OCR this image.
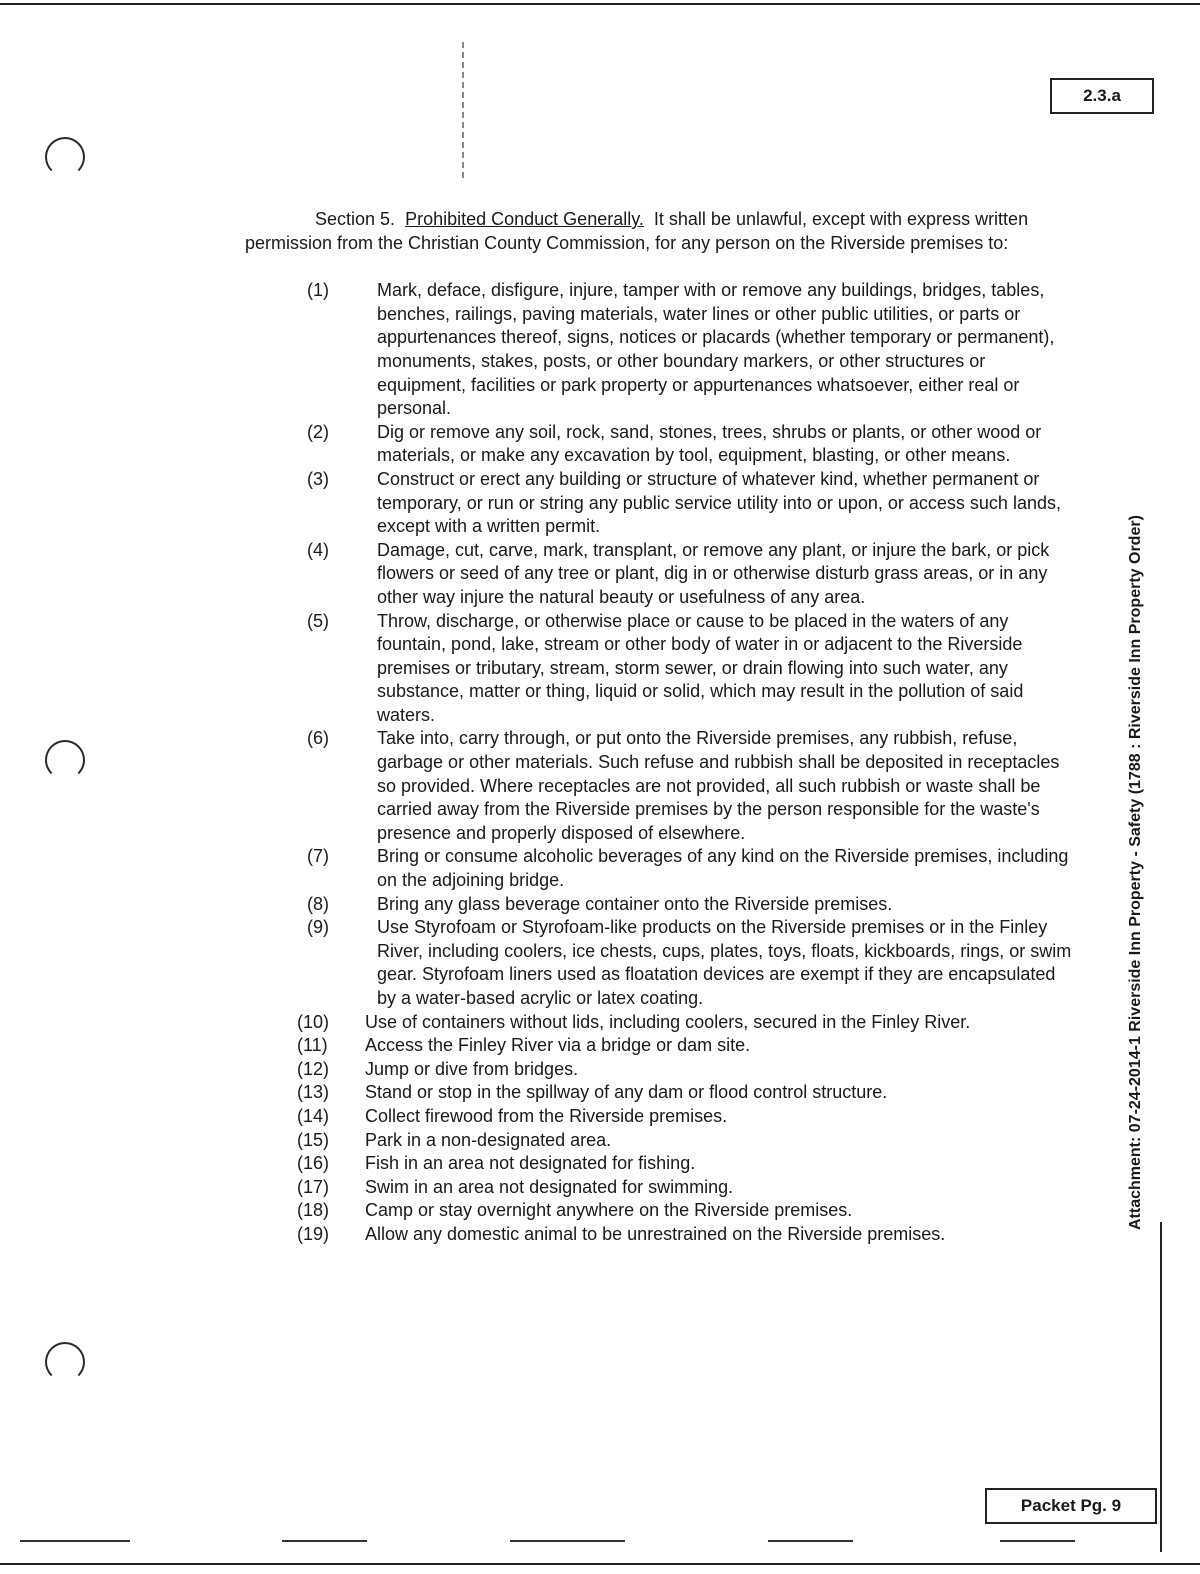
2.3.a

Section 5. Prohibited Conduct Generally. It shall be unlawful, except with express written permission from the Christian County Commission, for any person on the Riverside premises to:

(1)	Mark, deface, disfigure, injure, tamper with or remove any buildings, bridges, tables, benches, railings, paving materials, water lines or other public utilities, or parts or appurtenances thereof, signs, notices or placards (whether temporary or permanent), monuments, stakes, posts, or other boundary markers, or other structures or equipment, facilities or park property or appurtenances whatsoever, either real or personal.
(2)	Dig or remove any soil, rock, sand, stones, trees, shrubs or plants, or other wood or materials, or make any excavation by tool, equipment, blasting, or other means.
(3)	Construct or erect any building or structure of whatever kind, whether permanent or temporary, or run or string any public service utility into or upon, or access such lands, except with a written permit.
(4)	Damage, cut, carve, mark, transplant, or remove any plant, or injure the bark, or pick flowers or seed of any tree or plant, dig in or otherwise disturb grass areas, or in any other way injure the natural beauty or usefulness of any area.
(5)	Throw, discharge, or otherwise place or cause to be placed in the waters of any fountain, pond, lake, stream or other body of water in or adjacent to the Riverside premises or tributary, stream, storm sewer, or drain flowing into such water, any substance, matter or thing, liquid or solid, which may result in the pollution of said waters.
(6)	Take into, carry through, or put onto the Riverside premises, any rubbish, refuse, garbage or other materials. Such refuse and rubbish shall be deposited in receptacles so provided. Where receptacles are not provided, all such rubbish or waste shall be carried away from the Riverside premises by the person responsible for the waste's presence and properly disposed of elsewhere.
(7)	Bring or consume alcoholic beverages of any kind on the Riverside premises, including on the adjoining bridge.
(8)	Bring any glass beverage container onto the Riverside premises.
(9)	Use Styrofoam or Styrofoam-like products on the Riverside premises or in the Finley River, including coolers, ice chests, cups, plates, toys, floats, kickboards, rings, or swim gear. Styrofoam liners used as floatation devices are exempt if they are encapsulated by a water-based acrylic or latex coating.
(10)	Use of containers without lids, including coolers, secured in the Finley River.
(11)	Access the Finley River via a bridge or dam site.
(12)	Jump or dive from bridges.
(13)	Stand or stop in the spillway of any dam or flood control structure.
(14)	Collect firewood from the Riverside premises.
(15)	Park in a non-designated area.
(16)	Fish in an area not designated for fishing.
(17)	Swim in an area not designated for swimming.
(18)	Camp or stay overnight anywhere on the Riverside premises.
(19)	Allow any domestic animal to be unrestrained on the Riverside premises.
Attachment: 07-24-2014-1 Riverside Inn Property - Safety (1788 : Riverside Inn Property Order)
Packet Pg. 9
